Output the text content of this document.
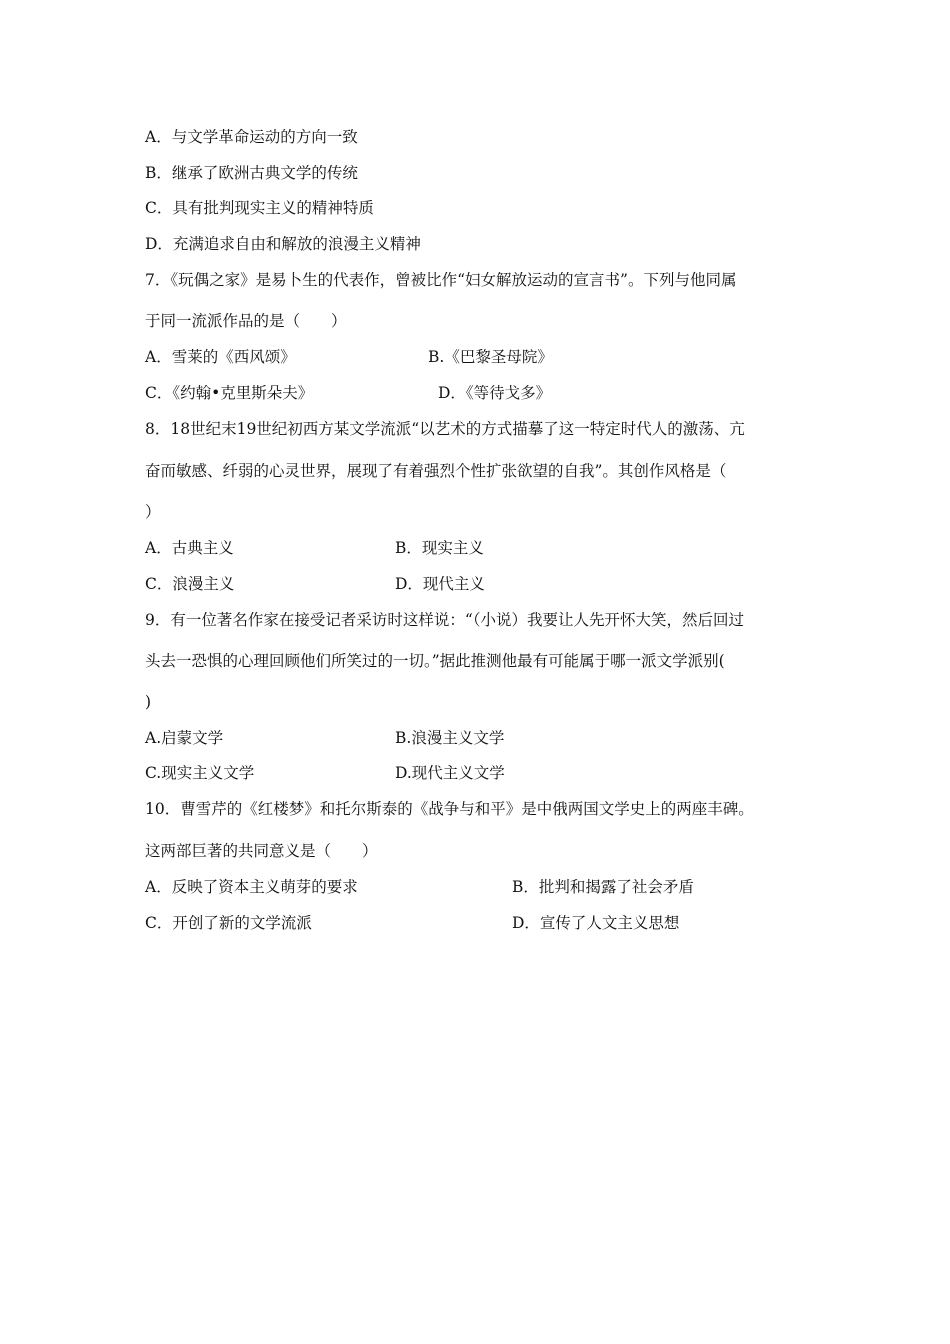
A．与文学革命运动的方向一致
B．继承了欧洲古典文学的传统
C．具有批判现实主义的精神特质
D．充满追求自由和解放的浪漫主义精神
7．《玩偶之家》是易卜生的代表作，曾被比作“妇女解放运动的宣言书”。下列与他同属
于同一流派作品的是（　　）
A．雪莱的《西风颂》	B.《巴黎圣母院》
C．《约翰•克里斯朵夫》	D．《等待戈多》
8．18世纪末19世纪初西方某文学流派“以艺术的方式描摹了这一特定时代人的激荡、亢
奋而敏感、纤弱的心灵世界，展现了有着强烈个性扩张欲望的自我”。其创作风格是（
）
A．古典主义	B．现实主义
C．浪漫主义	D．现代主义
9．有一位著名作家在接受记者采访时这样说：“（小说）我要让人先开怀大笑，然后回过
头去一恐惧的心理回顾他们所笑过的一切。”据此推测他最有可能属于哪一派文学派别(
)
A.启蒙文学	B.浪漫主义文学
C.现实主义文学	D.现代主义文学
10．曹雪芹的《红楼梦》和托尔斯泰的《战争与和平》是中俄两国文学史上的两座丰碑。
这两部巨著的共同意义是（　　）
A．反映了资本主义萌芽的要求	B．批判和揭露了社会矛盾
C．开创了新的文学流派	D．宣传了人文主义思想
